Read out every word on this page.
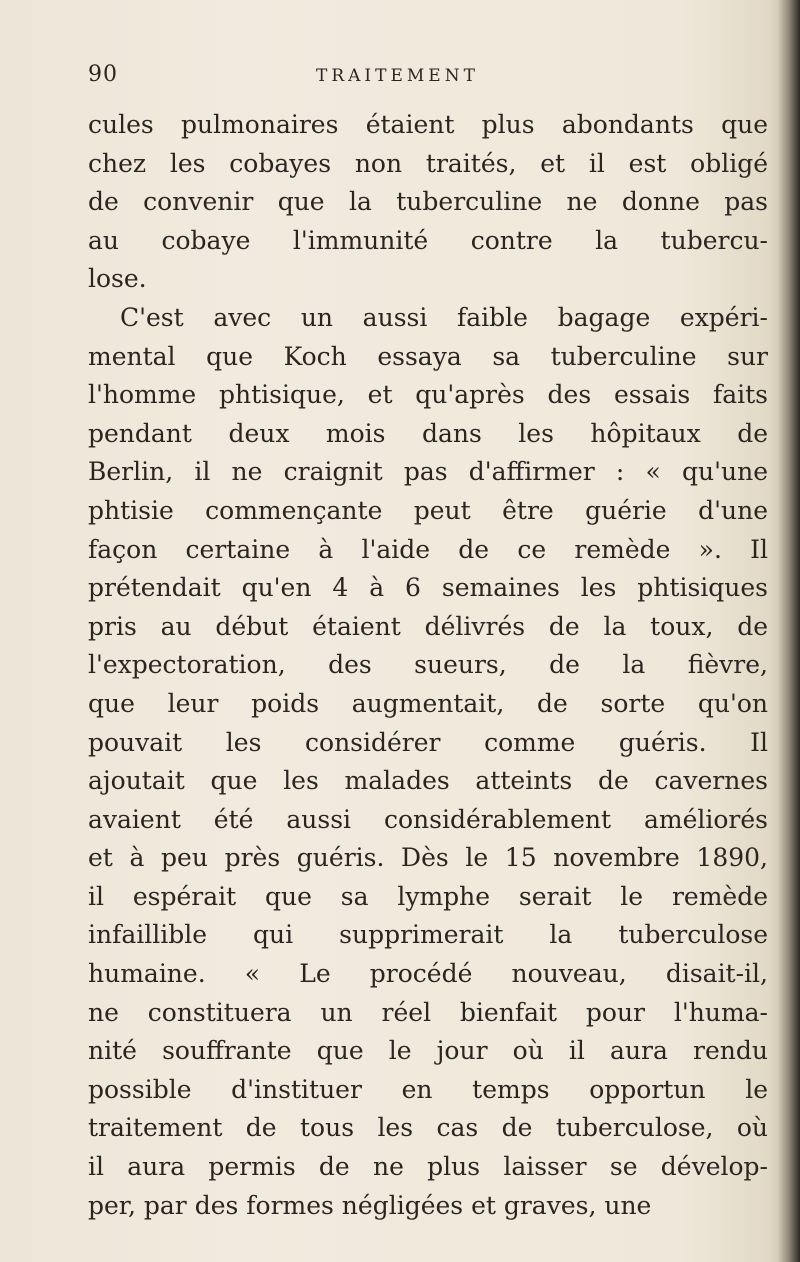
90	TRAITEMENT
cules pulmonaires étaient plus abondants que
chez les cobayes non traités, et il est obligé
de convenir que la tuberculine ne donne pas
au cobaye l'immunité contre la tubercu-
lose.
C'est avec un aussi faible bagage expéri-
mental que Koch essaya sa tuberculine sur
l'homme phtisique, et qu'après des essais faits
pendant deux mois dans les hôpitaux de
Berlin, il ne craignit pas d'affirmer : « qu'une
phtisie commençante peut être guérie d'une
façon certaine à l'aide de ce remède ». Il
prétendait qu'en 4 à 6 semaines les phtisiques
pris au début étaient délivrés de la toux, de
l'expectoration, des sueurs, de la fièvre,
que leur poids augmentait, de sorte qu'on
pouvait les considérer comme guéris. Il
ajoutait que les malades atteints de cavernes
avaient été aussi considérablement améliorés
et à peu près guéris. Dès le 15 novembre 1890,
il espérait que sa lymphe serait le remède
infaillible qui supprimerait la tuberculose
humaine. « Le procédé nouveau, disait-il,
ne constituera un réel bienfait pour l'huma-
nité souffrante que le jour où il aura rendu
possible d'instituer en temps opportun le
traitement de tous les cas de tuberculose, où
il aura permis de ne plus laisser se dévelop-
per, par des formes négligées et graves, une
